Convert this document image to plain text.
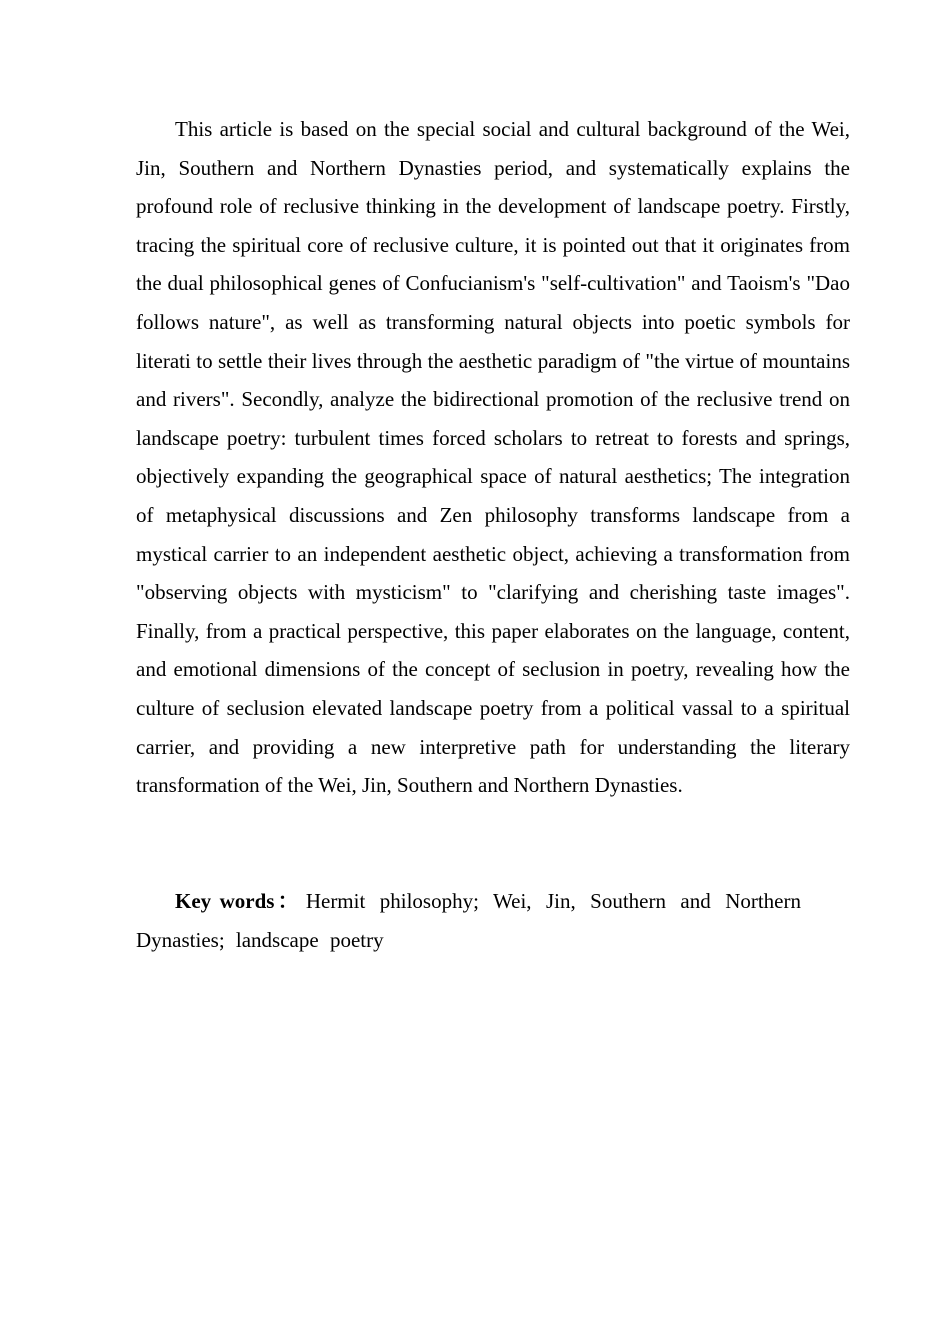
This article is based on the special social and cultural background of the Wei, Jin, Southern and Northern Dynasties period, and systematically explains the profound role of reclusive thinking in the development of landscape poetry. Firstly, tracing the spiritual core of reclusive culture, it is pointed out that it originates from the dual philosophical genes of Confucianism's "self-cultivation" and Taoism's "Dao follows nature", as well as transforming natural objects into poetic symbols for literati to settle their lives through the aesthetic paradigm of "the virtue of mountains and rivers". Secondly, analyze the bidirectional promotion of the reclusive trend on landscape poetry: turbulent times forced scholars to retreat to forests and springs, objectively expanding the geographical space of natural aesthetics; The integration of metaphysical discussions and Zen philosophy transforms landscape from a mystical carrier to an independent aesthetic object, achieving a transformation from "observing objects with mysticism" to "clarifying and cherishing taste images". Finally, from a practical perspective, this paper elaborates on the language, content, and emotional dimensions of the concept of seclusion in poetry, revealing how the culture of seclusion elevated landscape poetry from a political vassal to a spiritual carrier, and providing a new interpretive path for understanding the literary transformation of the Wei, Jin, Southern and Northern Dynasties.

Key words： Hermit philosophy; Wei, Jin, Southern and Northern Dynasties; landscape poetry
